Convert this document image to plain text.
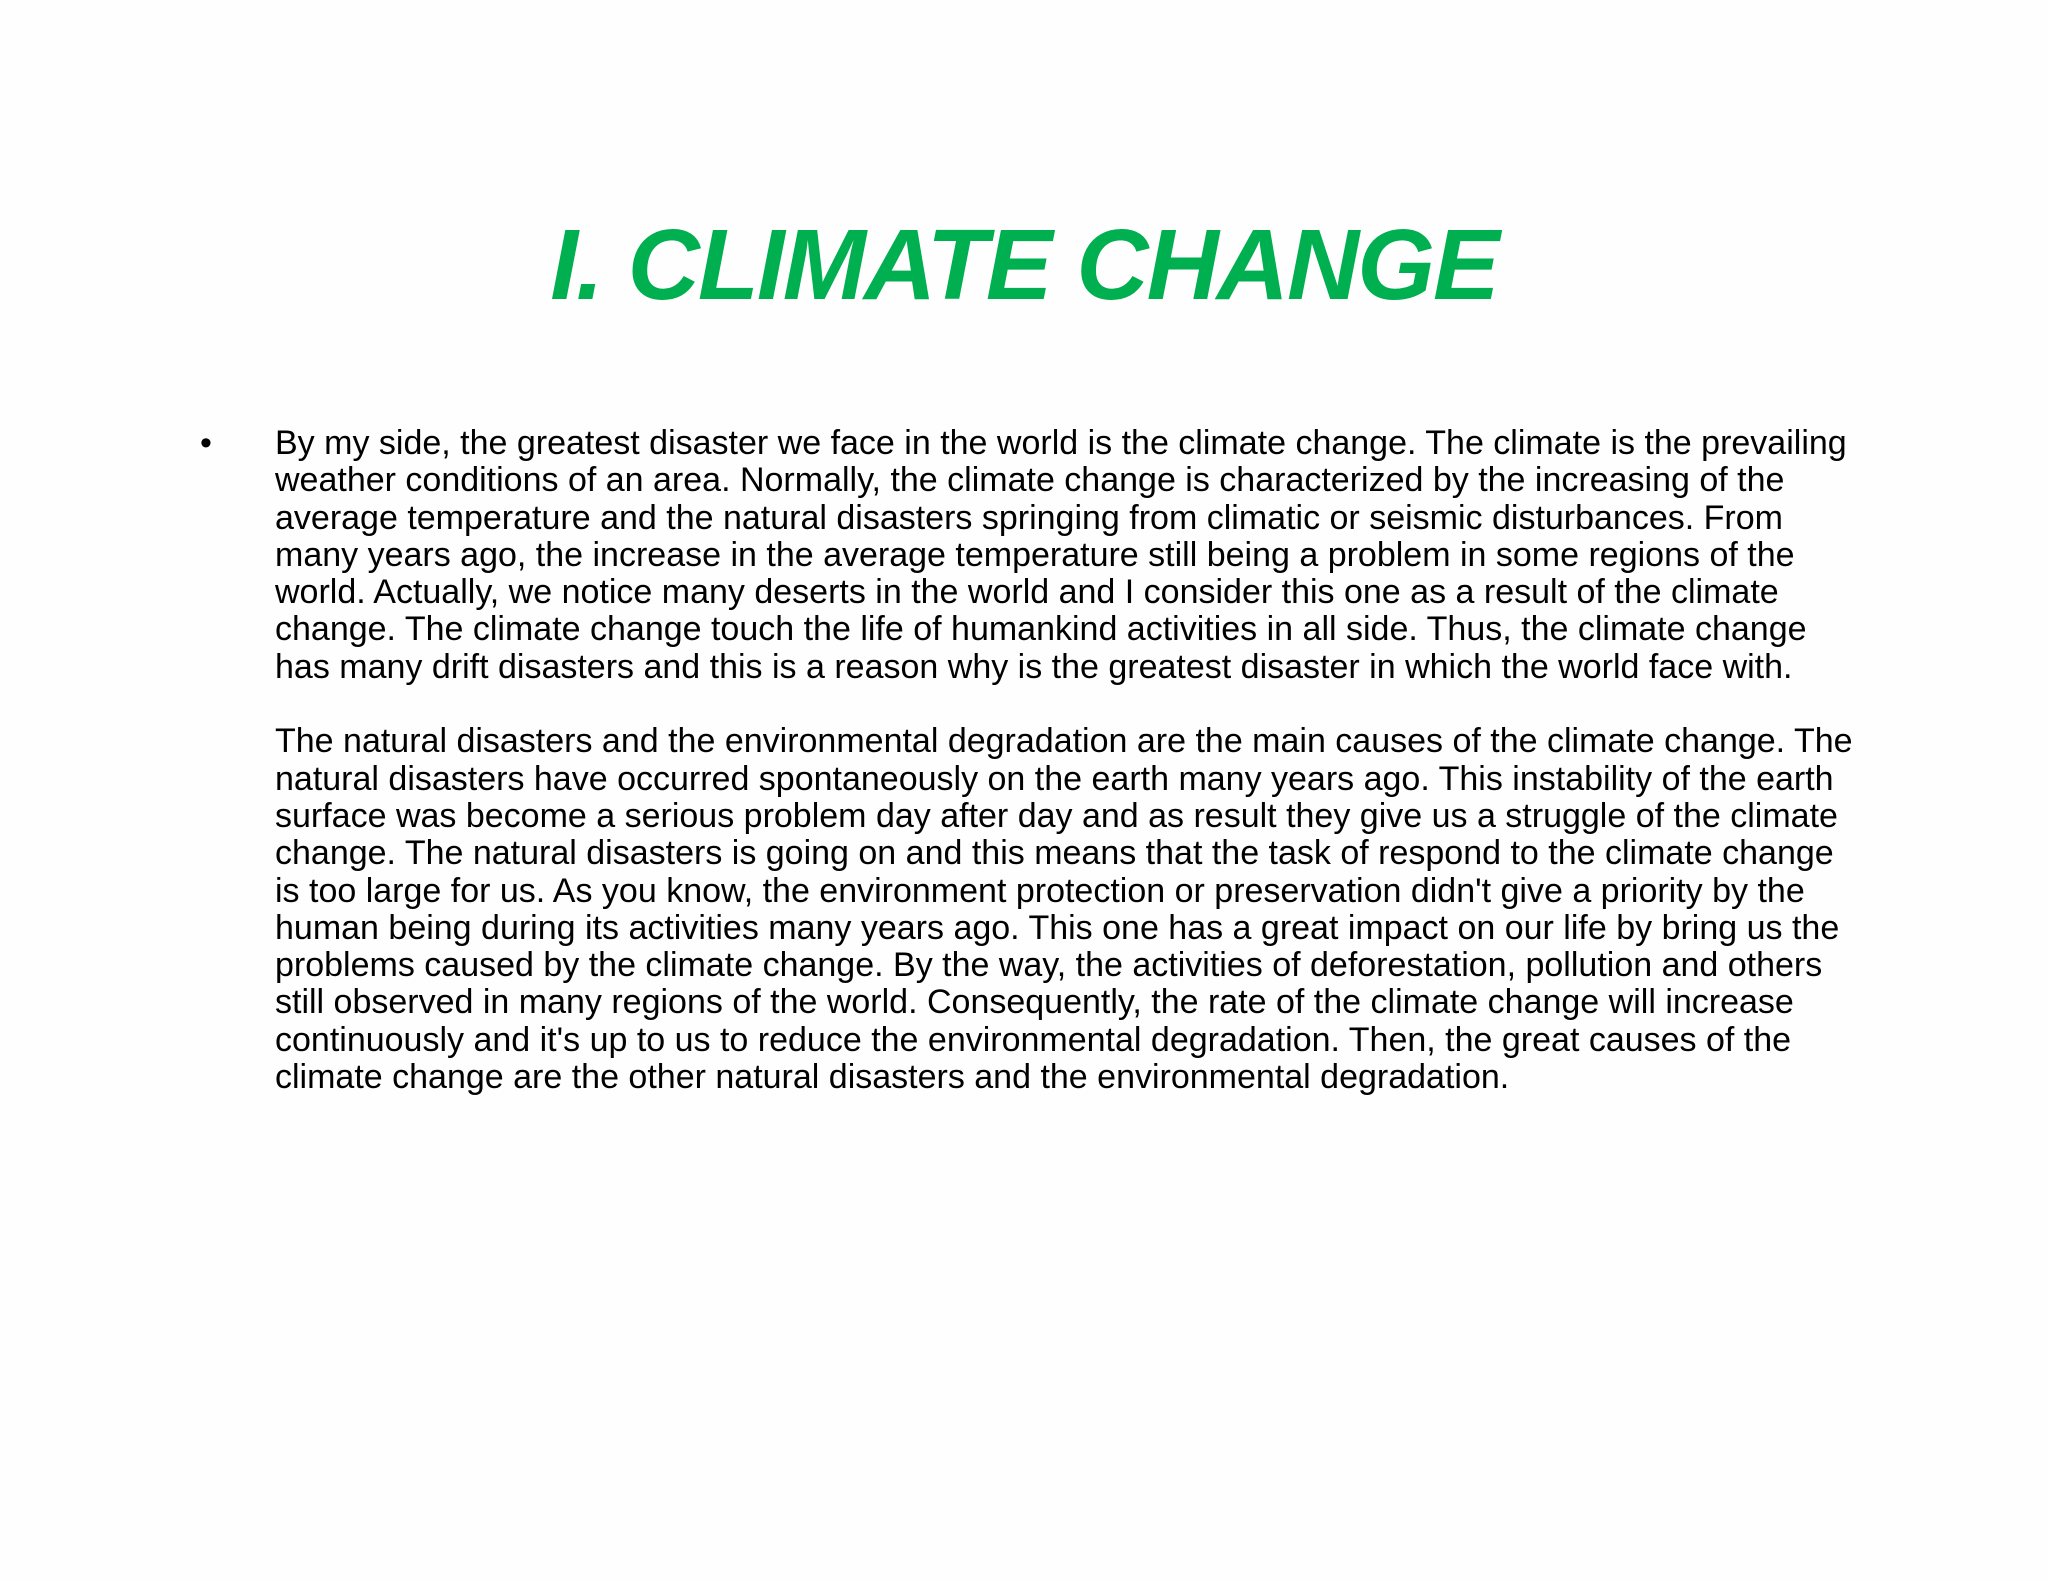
I. CLIMATE CHANGE
• By my side, the greatest disaster we face in the world is the climate change. The climate is the prevailing weather conditions of an area. Normally, the climate change is characterized by the increasing of the average temperature and the natural disasters springing from climatic or seismic disturbances. From many years ago, the increase in the average temperature still being a problem in some regions of the world. Actually, we notice many deserts in the world and I consider this one as a result of the climate change. The climate change touch the life of humankind activities in all side. Thus, the climate change has many drift disasters and this is a reason why is the greatest disaster in which the world face with.

The natural disasters and the environmental degradation are the main causes of the climate change. The natural disasters have occurred spontaneously on the earth many years ago. This instability of the earth surface was become a serious problem day after day and as result they give us a struggle of the climate change. The natural disasters is going on and this means that the task of respond to the climate change is too large for us. As you know, the environment protection or preservation didn't give a priority by the human being during its activities many years ago. This one has a great impact on our life by bring us the problems caused by the climate change. By the way, the activities of deforestation, pollution and others still observed in many regions of the world. Consequently, the rate of the climate change will increase continuously and it's up to us to reduce the environmental degradation. Then, the great causes of the climate change are the other natural disasters and the environmental degradation.
